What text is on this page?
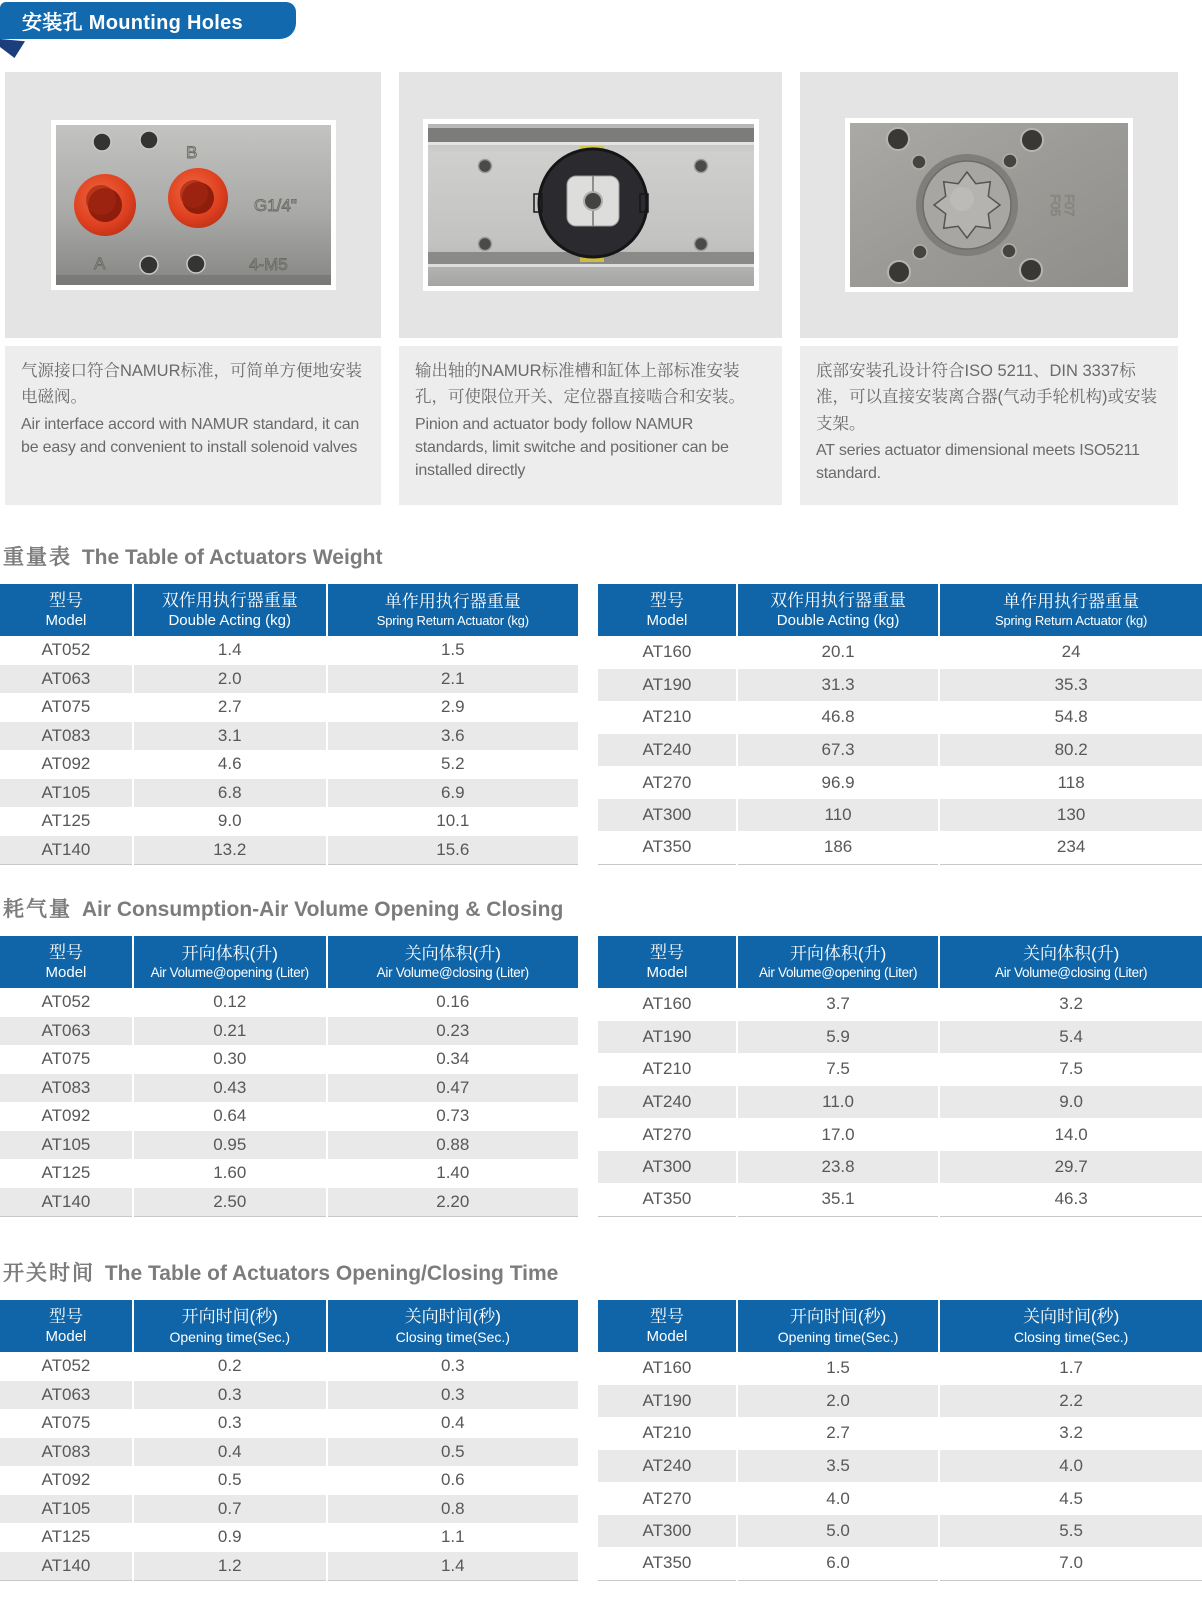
安装孔 Mounting Holes
B
G1/4"
A	4-M5
F07
F05

气源接口符合NAMUR标准，可简单方便地安装电磁阀。

Air interface accord with NAMUR standard, it can be easy and convenient to install solenoid valves

输出轴的NAMUR标准槽和缸体上部标准安装孔，可使限位开关、定位器直接啮合和安装。

Pinion and actuator body follow NAMUR standards, limit switche and positioner can be installed directly

底部安装孔设计符合ISO 5211、DIN 3337标准，可以直接安装离合器(气动手轮机构)或安装支架。

AT series actuator dimensional meets ISO5211 standard.

重量表 The Table of Actuators Weight
型号
Model

双作用执行器重量
Double Acting (kg)

单作用执行器重量
Spring Return Actuator (kg)

AT052	1.4	1.5
AT063	2.0	2.1
AT075	2.7	2.9
AT083	3.1	3.6
AT092	4.6	5.2
AT105	6.8	6.9
AT125	9.0	10.1
AT140	13.2	15.6
型号
Model

双作用执行器重量
Double Acting (kg)

单作用执行器重量
Spring Return Actuator (kg)

AT160	20.1	24
AT190	31.3	35.3
AT210	46.8	54.8
AT240	67.3	80.2
AT270	96.9	118
AT300	110	130
AT350	186	234
耗气量 Air Consumption-Air Volume Opening & Closing
型号
Model

开向体积(升)
Air Volume@opening (Liter)

关向体积(升)
Air Volume@closing (Liter)

AT052	0.12	0.16
AT063	0.21	0.23
AT075	0.30	0.34
AT083	0.43	0.47
AT092	0.64	0.73
AT105	0.95	0.88
AT125	1.60	1.40
AT140	2.50	2.20
型号
Model

开向体积(升)
Air Volume@opening (Liter)

关向体积(升)
Air Volume@closing (Liter)

AT160	3.7	3.2
AT190	5.9	5.4
AT210	7.5	7.5
AT240	11.0	9.0
AT270	17.0	14.0
AT300	23.8	29.7
AT350	35.1	46.3
开关时间 The Table of Actuators Opening/Closing Time
型号
Model

开向时间(秒)
Opening time(Sec.)

关向时间(秒)
Closing time(Sec.)

AT052	0.2	0.3
AT063	0.3	0.3
AT075	0.3	0.4
AT083	0.4	0.5
AT092	0.5	0.6
AT105	0.7	0.8
AT125	0.9	1.1
AT140	1.2	1.4
型号
Model

开向时间(秒)
Opening time(Sec.)

关向时间(秒)
Closing time(Sec.)

AT160	1.5	1.7
AT190	2.0	2.2
AT210	2.7	3.2
AT240	3.5	4.0
AT270	4.0	4.5
AT300	5.0	5.5
AT350	6.0	7.0
